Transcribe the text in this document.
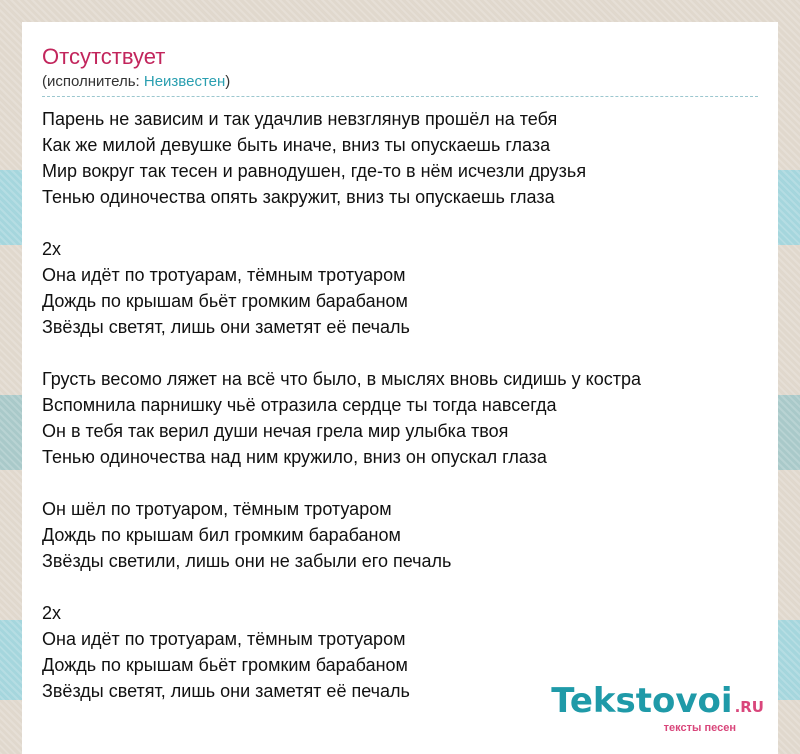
Отсутствует
(исполнитель: Неизвестен)
Парень не зависим и так удачлив невзглянув прошёл на тебя
Как же милой девушке быть иначе, вниз ты опускаешь глаза
Мир вокруг так тесен и равнодушен, где-то в нём исчезли друзья
Тенью одиночества опять закружит, вниз ты опускаешь глаза
2х
Она идёт по тротуарам, тёмным тротуаром
Дождь по крышам бьёт громким барабаном
Звёзды светят, лишь они заметят её печаль
Грусть весомо ляжет на всё что было, в мыслях вновь сидишь у костра
Вспомнила парнишку чьё отразила сердце ты тогда навсегда
Он в тебя так верил души нечая грела мир улыбка твоя
Тенью одиночества над ним кружило, вниз он опускал глаза
Он шёл по тротуаром, тёмным тротуаром
Дождь по крышам бил громким барабаном
Звёзды светили, лишь они не забыли его печаль
2х
Она идёт по тротуарам, тёмным тротуаром
Дождь по крышам бьёт громким барабаном
Звёзды светят, лишь они заметят её печаль	Tekstovoi .RU
тексты песен
